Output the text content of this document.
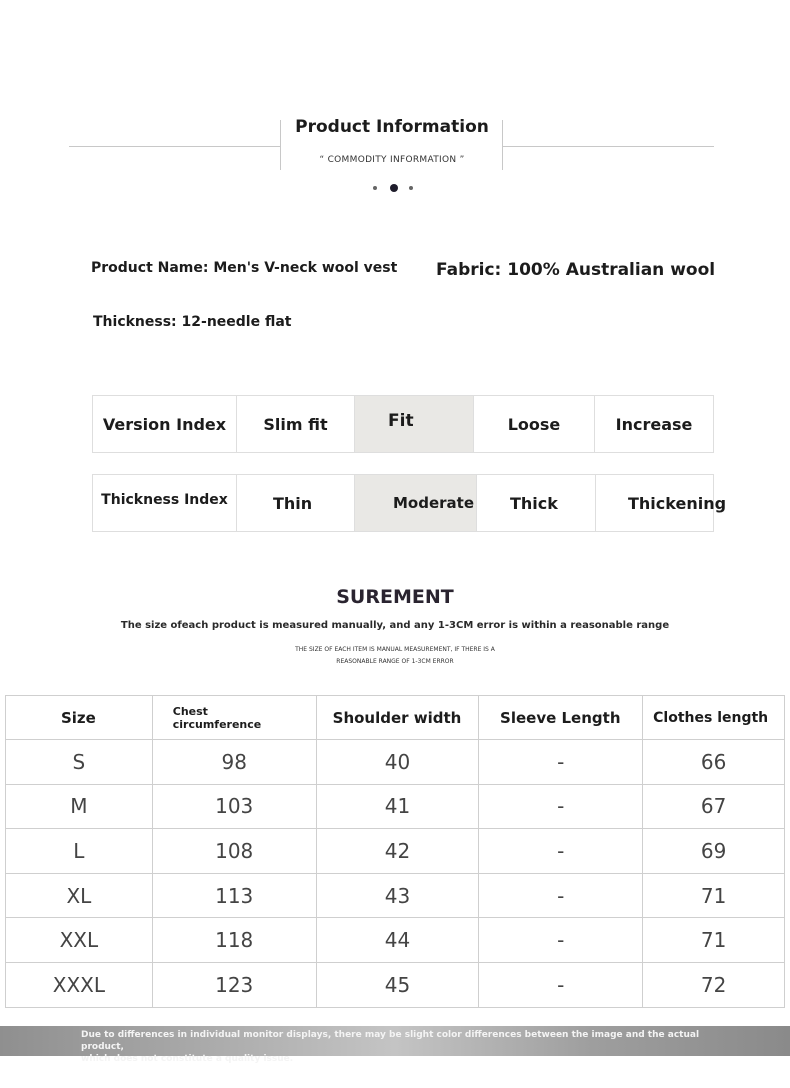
Product Information
“ COMMODITY INFORMATION ”
Product Name: Men's V-neck wool vest Fabric: 100% Australian wool
Thickness: 12-needle flat
Version Index	Slim fit	Fit	Loose	Increase
Thickness Index	Thin	Moderate	Thick	Thickening
SUREMENT
The size ofeach product is measured manually, and any 1-3CM error is within a reasonable range
THE SIZE OF EACH ITEM IS MANUAL MEASUREMENT, IF THERE IS A
REASONABLE RANGE OF 1-3CM ERROR
Size	Chest circumference	Shoulder width	Sleeve Length	Clothes length

S	98	40	-	66
M	103	41	-	67
L	108	42	-	69
XL	113	43	-	71
XXL	118	44	-	71
XXXL	123	45	-	72
Due to differences in individual monitor displays, there may be slight color differences between the image and the actual product,
which does not constitute a quality issue.
